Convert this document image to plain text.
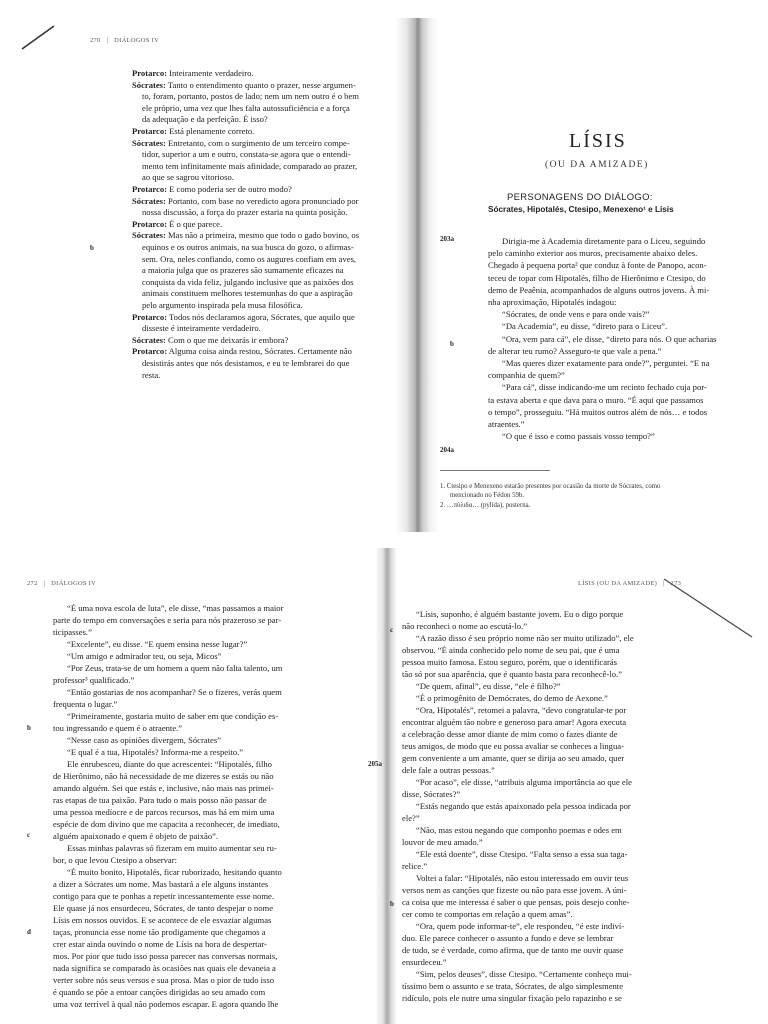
270 | DIÁLOGOS IV
Protarco: Inteiramente verdadeiro.
Sócrates: Tanto o entendimento quanto o prazer, nesse argumen-
to, foram, portanto, postos de lado; nem um nem outro é o bem
ele próprio, uma vez que lhes falta autossuficiência e a força
da adequação e da perfeição. É isso?
Protarco: Está plenamente correto.
Sócrates: Entretanto, com o surgimento de um terceiro compe-
tidor, superior a um e outro, constata-se agora que o entendi-
mento tem infinitamente mais afinidade, comparado ao prazer,
ao que se sagrou vitorioso.
Protarco: E como poderia ser de outro modo?
Sócrates: Portanto, com base no veredicto agora pronunciado por
nossa discussão, a força do prazer estaria na quinta posição.
Protarco: É o que parece.
Sócrates: Mas não a primeira, mesmo que todo o gado bovino, os
equinos e os outros animais, na sua busca do gozo, o afirmas-
sem. Ora, neles confiando, como os augures confiam em aves,
a maioria julga que os prazeres são sumamente eficazes na
conquista da vida feliz, julgando inclusive que as paixões dos
animais constituem melhores testemunhas do que a aspiração
pelo argumento inspirada pela musa filosófica.
Protarco: Todos nós declaramos agora, Sócrates, que aquilo que
disseste é inteiramente verdadeiro.
Sócrates: Com o que me deixarás ir embora?
Protarco: Alguma coisa ainda restou, Sócrates. Certamente não
desistirás antes que nós desistamos, e eu te lembrarei do que
resta.
b
LÍSIS
(OU DA AMIZADE)
PERSONAGENS DO DIÁLOGO:
Sócrates, Hipotalés, Ctesipo, Menexeno¹ e Lísis
Dirigia-me à Academia diretamente para o Liceu, seguindo
pelo caminho exterior aos muros, precisamente abaixo deles.
Chegado à pequena porta² que conduz à fonte de Panopo, acon-
teceu de topar com Hipotalés, filho de Hierônimo e Ctesipo, do
demo de Peaênia, acompanhados de alguns outros jovens. À mi-
nha aproximação, Hipotalés indagou:
“Sócrates, de onde vens e para onde vais?”
“Da Academia”, eu disse, “direto para o Liceu”.
“Ora, vem para cá”, ele disse, “direto para nós. O que acharias
de alterar teu rumo? Asseguro-te que vale a pena.”
“Mas queres dizer exatamente para onde?”, perguntei. “E na
companhia de quem?”
“Para cá”, disse indicando-me um recinto fechado cuja por-
ta estava aberta e que dava para o muro. “É aqui que passamos
o tempo”, prosseguiu. “Há muitos outros além de nós… e todos
atraentes.”
“O que é isso e como passais vosso tempo?”
203a
b
204a
1. Ctesipo e Menexeno estarão presentes por ocasião da morte de Sócrates, como
mencionado no Fédon 59b.
2. …πύλιδα… (pylída), posterna.
272 | DIÁLOGOS IV
“É uma nova escola de luta”, ele disse, “mas passamos a maior
parte do tempo em conversações e seria para nós prazeroso se par-
ticipasses.”
“Excelente”, eu disse. “E quem ensina nesse lugar?”
“Um amigo e admirador teu, ou seja, Micos”
“Por Zeus, trata-se de um homem a quem não falta talento, um
professor³ qualificado.”
“Então gostarias de nos acompanhar? Se o fizeres, verás quem
frequenta o lugar.”
“Primeiramente, gostaria muito de saber em que condição es-
tou ingressando e quem é o atraente.”
“Nesse caso as opiniões divergem, Sócrates”
“E qual é a tua, Hipotalés? Informa-me a respeito.”
Ele enrubesceu, diante do que acrescentei: “Hipotalés, filho
de Hierônimo, não há necessidade de me dizeres se estás ou não
amando alguém. Sei que estás e, inclusive, não mais nas primei-
ras etapas de tua paixão. Para tudo o mais posso não passar de
uma pessoa medíocre e de parcos recursos, mas há em mim uma
espécie de dom divino que me capacita a reconhecer, de imediato,
alguém apaixonado e quem é objeto de paixão”.
Essas minhas palavras só fizeram em muito aumentar seu ru-
bor, o que levou Ctesipo a observar:
“É muito bonito, Hipotalés, ficar ruborizado, hesitando quanto
a dizer a Sócrates um nome. Mas bastará a ele alguns instantes
contigo para que te ponhas a repetir incessantemente esse nome.
Ele quase já nos ensurdeceu, Sócrates, de tanto despejar o nome
Lísis em nossos ouvidos. E se acontece de ele esvaziar algumas
taças, pronuncia esse nome tão prodigamente que chegamos a
crer estar ainda ouvindo o nome de Lísis na hora de despertar-
mos. Por pior que tudo isso possa parecer nas conversas normais,
nada significa se comparado às ocasiões nas quais ele devaneia a
verter sobre nós seus versos e sua prosa. Mas o pior de tudo isso
é quando se põe a entoar canções dirigidas ao seu amado com
uma voz terrível à qual não podemos escapar. E agora quando lhe
b
c
d
LÍSIS (OU DA AMIZADE) | 273
“Lísis, suponho, é alguém bastante jovem. Eu o digo porque
não reconheci o nome ao escutá-lo.”
“A razão disso é seu próprio nome não ser muito utilizado”, ele
observou. “É ainda conhecido pelo nome de seu pai, que é uma
pessoa muito famosa. Estou seguro, porém, que o identificarás
tão só por sua aparência, que é quanto basta para reconhecê-lo.”
“De quem, afinal”, eu disse, “ele é filho?”
“É o primogênito de Demócrates, do demo de Aexone.”
“Ora, Hipotalés”, retomei a palavra, “devo congratular-te por
encontrar alguém tão nobre e generoso para amar! Agora executa
a celebração desse amor diante de mim como o fazes diante de
teus amigos, de modo que eu possa avaliar se conheces a lingua-
gem conveniente a um amante, quer se dirija ao seu amado, quer
dele fale a outras pessoas.”
“Por acaso”, ele disse, “atribuis alguma importância ao que ele
disse, Sócrates?”
“Estás negando que estás apaixonado pela pessoa indicada por
ele?”
“Não, mas estou negando que componho poemas e odes em
louvor de meu amado.”
“Ele está doente”, disse Ctesipo. “Falta senso a essa sua taga-
relice.”
Voltei a falar: “Hipotalés, não estou interessado em ouvir teus
versos nem as canções que fizeste ou não para esse jovem. A úni-
ca coisa que me interessa é saber o que pensas, pois desejo conhe-
cer como te comportas em relação a quem amas”.
“Ora, quem pode informar-te”, ele respondeu, “é este indiví-
duo. Ele parece conhecer o assunto a fundo e deve se lembrar
de tudo, se é verdade, como afirma, que de tanto me ouvir quase
ensurdeceu.”
“Sim, pelos deuses”, disse Ctesipo. “Certamente conheço mui-
tíssimo bem o assunto e se trata, Sócrates, de algo simplesmente
ridículo, pois ele nutre uma singular fixação pelo rapazinho e se
c
205a
b
